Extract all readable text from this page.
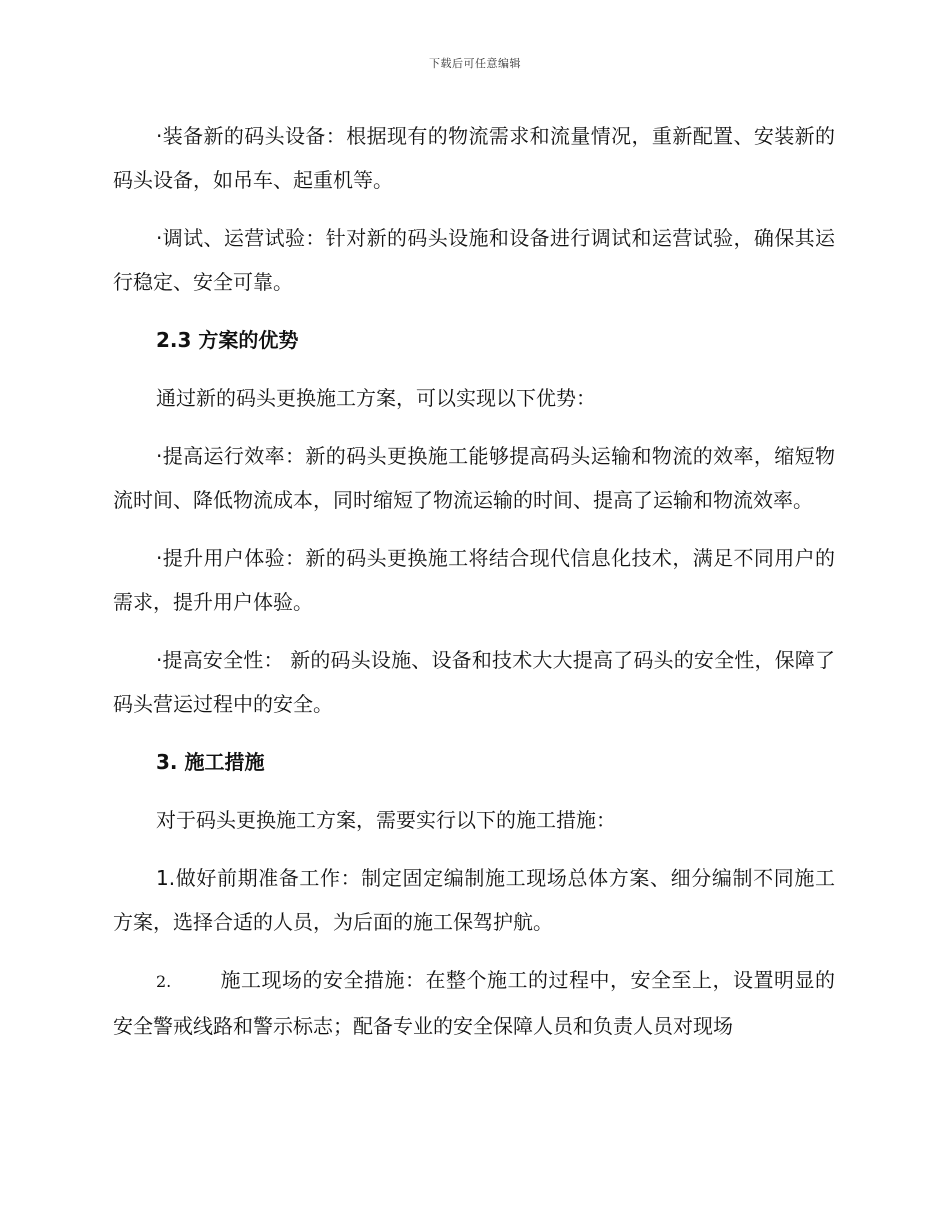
下载后可任意编辑

·装备新的码头设备：根据现有的物流需求和流量情况，重新配置、安装新的码头设备，如吊车、起重机等。

·调试、运营试验：针对新的码头设施和设备进行调试和运营试验，确保其运行稳定、安全可靠。

2.3 方案的优势

通过新的码头更换施工方案，可以实现以下优势：

·提高运行效率：新的码头更换施工能够提高码头运输和物流的效率，缩短物流时间、降低物流成本，同时缩短了物流运输的时间、提高了运输和物流效率。

·提升用户体验：新的码头更换施工将结合现代信息化技术，满足不同用户的需求，提升用户体验。

·提高安全性： 新的码头设施、设备和技术大大提高了码头的安全性，保障了码头营运过程中的安全。

3. 施工措施

对于码头更换施工方案，需要实行以下的施工措施：

1.做好前期准备工作：制定固定编制施工现场总体方案、细分编制不同施工方案，选择合适的人员，为后面的施工保驾护航。

2. 施工现场的安全措施：在整个施工的过程中，安全至上，设置明显的安全警戒线路和警示标志；配备专业的安全保障人员和负责人员对现场
